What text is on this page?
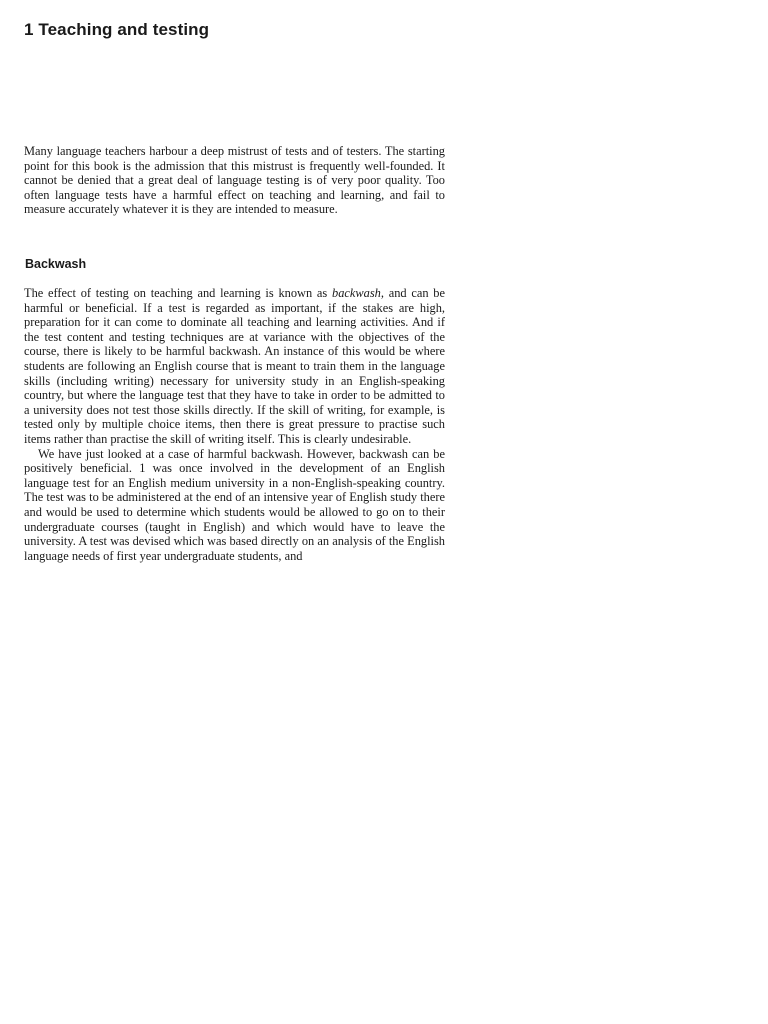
1 Teaching and testing

Many language teachers harbour a deep mistrust of tests and of testers. The starting point for this book is the admission that this mistrust is frequently well-founded. It cannot be denied that a great deal of language testing is of very poor quality. Too often language tests have a harmful effect on teaching and learning, and fail to measure accurately whatever it is they are intended to measure.

Backwash

The effect of testing on teaching and learning is known as backwash, and can be harmful or beneficial. If a test is regarded as important, if the stakes are high, preparation for it can come to dominate all teaching and learning activities. And if the test content and testing techniques are at variance with the objectives of the course, there is likely to be harmful backwash. An instance of this would be where students are following an English course that is meant to train them in the language skills (including writing) necessary for university study in an English-speaking country, but where the language test that they have to take in order to be admitted to a university does not test those skills directly. If the skill of writing, for example, is tested only by multiple choice items, then there is great pressure to practise such items rather than practise the skill of writing itself. This is clearly undesirable.

We have just looked at a case of harmful backwash. However, backwash can be positively beneficial. 1 was once involved in the development of an English language test for an English medium university in a non-English-speaking country. The test was to be administered at the end of an intensive year of English study there and would be used to determine which students would be allowed to go on to their undergraduate courses (taught in English) and which would have to leave the university. A test was devised which was based directly on an analysis of the English language needs of first year undergraduate students, and
